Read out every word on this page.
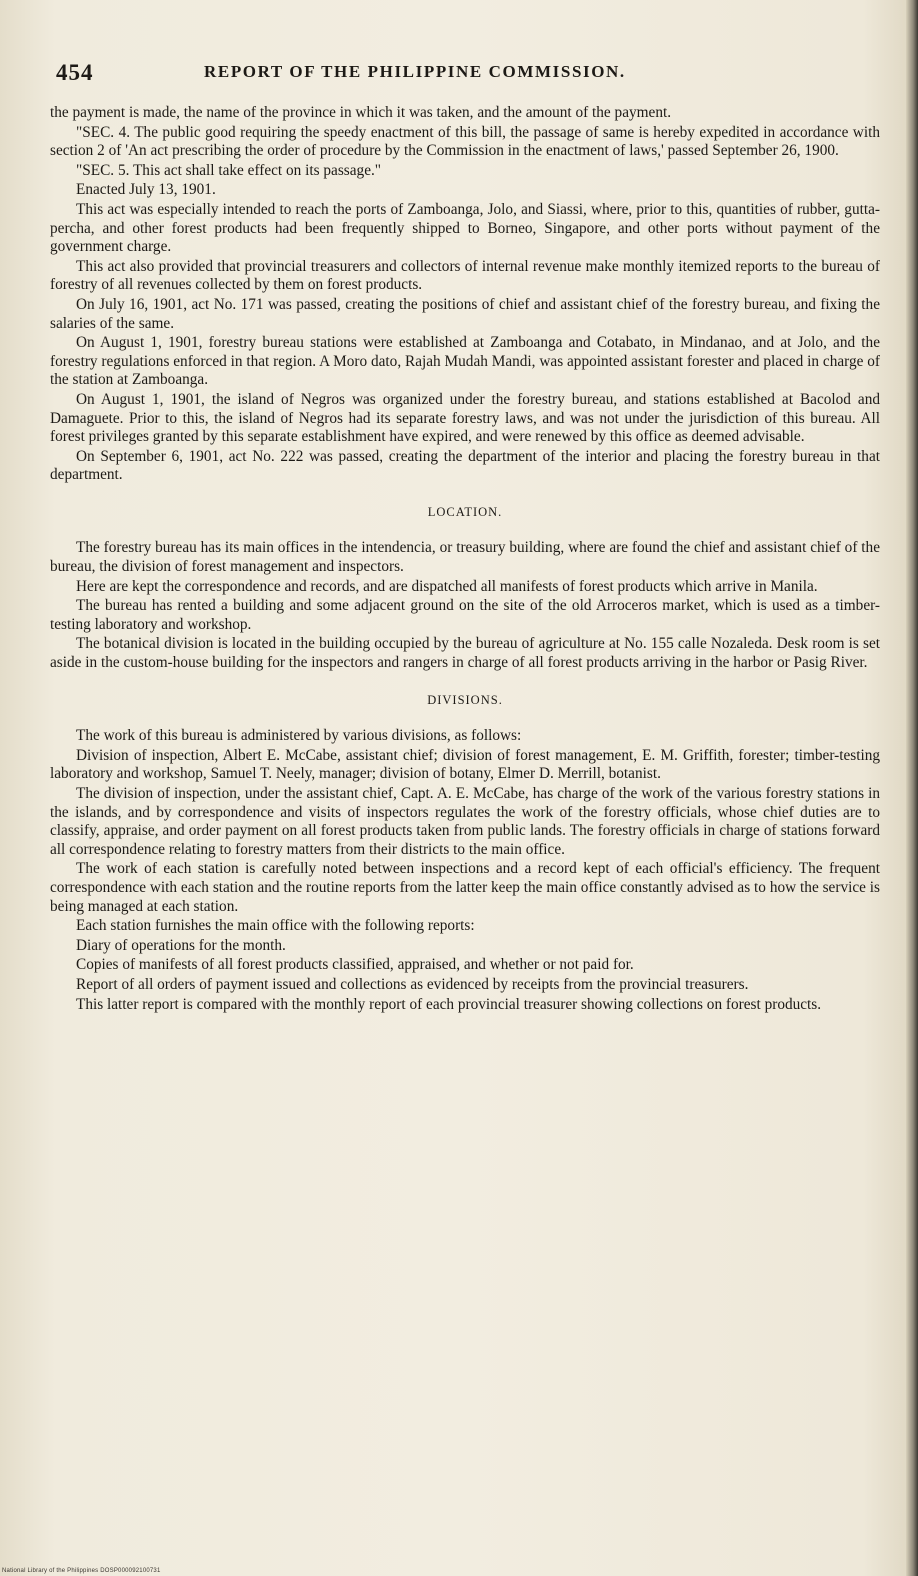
454	REPORT OF THE PHILIPPINE COMMISSION.

the payment is made, the name of the province in which it was taken, and the amount of the payment.

"SEC. 4. The public good requiring the speedy enactment of this bill, the passage of same is hereby expedited in accordance with section 2 of 'An act prescribing the order of procedure by the Commission in the enactment of laws,' passed September 26, 1900.

"SEC. 5. This act shall take effect on its passage."

Enacted July 13, 1901.

This act was especially intended to reach the ports of Zamboanga, Jolo, and Siassi, where, prior to this, quantities of rubber, gutta-percha, and other forest products had been frequently shipped to Borneo, Singapore, and other ports without payment of the government charge.

This act also provided that provincial treasurers and collectors of internal revenue make monthly itemized reports to the bureau of forestry of all revenues collected by them on forest products.

On July 16, 1901, act No. 171 was passed, creating the positions of chief and assistant chief of the forestry bureau, and fixing the salaries of the same.

On August 1, 1901, forestry bureau stations were established at Zamboanga and Cotabato, in Mindanao, and at Jolo, and the forestry regulations enforced in that region. A Moro dato, Rajah Mudah Mandi, was appointed assistant forester and placed in charge of the station at Zamboanga.

On August 1, 1901, the island of Negros was organized under the forestry bureau, and stations established at Bacolod and Damaguete. Prior to this, the island of Negros had its separate forestry laws, and was not under the jurisdiction of this bureau. All forest privileges granted by this separate establishment have expired, and were renewed by this office as deemed advisable.

On September 6, 1901, act No. 222 was passed, creating the department of the interior and placing the forestry bureau in that department.

LOCATION.

The forestry bureau has its main offices in the intendencia, or treasury building, where are found the chief and assistant chief of the bureau, the division of forest management and inspectors.

Here are kept the correspondence and records, and are dispatched all manifests of forest products which arrive in Manila.

The bureau has rented a building and some adjacent ground on the site of the old Arroceros market, which is used as a timber-testing laboratory and workshop.

The botanical division is located in the building occupied by the bureau of agriculture at No. 155 calle Nozaleda. Desk room is set aside in the custom-house building for the inspectors and rangers in charge of all forest products arriving in the harbor or Pasig River.

DIVISIONS.

The work of this bureau is administered by various divisions, as follows:

Division of inspection, Albert E. McCabe, assistant chief; division of forest management, E. M. Griffith, forester; timber-testing laboratory and workshop, Samuel T. Neely, manager; division of botany, Elmer D. Merrill, botanist.

The division of inspection, under the assistant chief, Capt. A. E. McCabe, has charge of the work of the various forestry stations in the islands, and by correspondence and visits of inspectors regulates the work of the forestry officials, whose chief duties are to classify, appraise, and order payment on all forest products taken from public lands. The forestry officials in charge of stations forward all correspondence relating to forestry matters from their districts to the main office.

The work of each station is carefully noted between inspections and a record kept of each official's efficiency. The frequent correspondence with each station and the routine reports from the latter keep the main office constantly advised as to how the service is being managed at each station.

Each station furnishes the main office with the following reports:

Diary of operations for the month.

Copies of manifests of all forest products classified, appraised, and whether or not paid for.

Report of all orders of payment issued and collections as evidenced by receipts from the provincial treasurers.

This latter report is compared with the monthly report of each provincial treasurer showing collections on forest products.

National Library of the Philippines DOSP000092100731
